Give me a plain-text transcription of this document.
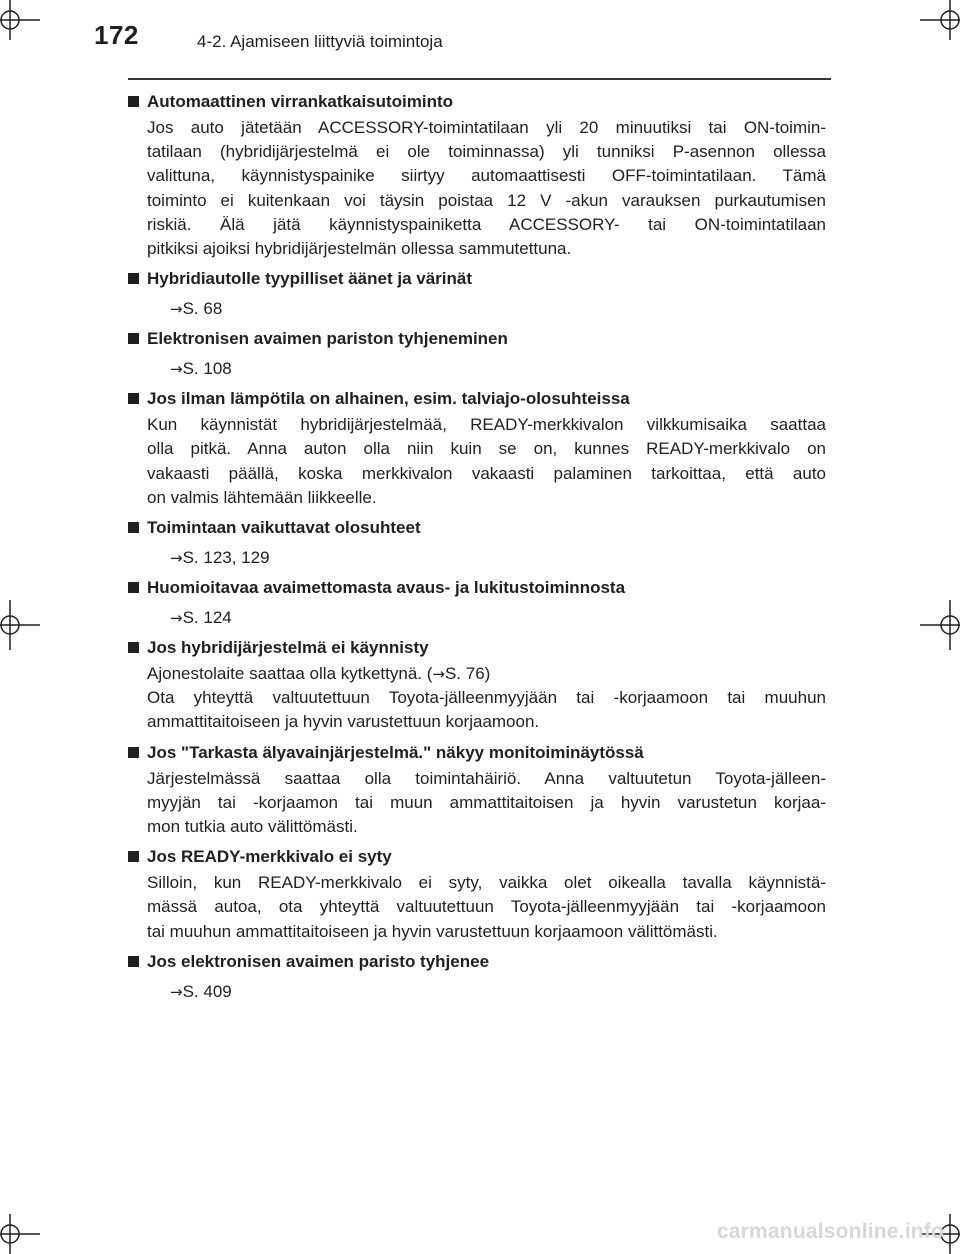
172	4-2. Ajamiseen liittyviä toimintoja
Automaattinen virrankatkaisutoiminto
Jos auto jätetään ACCESSORY-toimintatilaan yli 20 minuutiksi tai ON-toimin-
tatilaan (hybridijärjestelmä ei ole toiminnassa) yli tunniksi P-asennon ollessa
valittuna, käynnistyspainike siirtyy automaattisesti OFF-toimintatilaan. Tämä
toiminto ei kuitenkaan voi täysin poistaa 12 V -akun varauksen purkautumisen
riskiä. Älä jätä käynnistyspainiketta ACCESSORY- tai ON-toimintatilaan
pitkiksi ajoiksi hybridijärjestelmän ollessa sammutettuna.
Hybridiautolle tyypilliset äänet ja värinät
→S. 68
Elektronisen avaimen pariston tyhjeneminen
→S. 108
Jos ilman lämpötila on alhainen, esim. talviajo-olosuhteissa
Kun käynnistät hybridijärjestelmää, READY-merkkivalon vilkkumisaika saattaa
olla pitkä. Anna auton olla niin kuin se on, kunnes READY-merkkivalo on
vakaasti päällä, koska merkkivalon vakaasti palaminen tarkoittaa, että auto
on valmis lähtemään liikkeelle.
Toimintaan vaikuttavat olosuhteet
→S. 123, 129
Huomioitavaa avaimettomasta avaus- ja lukitustoiminnosta
→S. 124
Jos hybridijärjestelmä ei käynnisty
Ajonestolaite saattaa olla kytkettynä. (→S. 76)
Ota yhteyttä valtuutettuun Toyota-jälleenmyyjään tai -korjaamoon tai muuhun
ammattitaitoiseen ja hyvin varustettuun korjaamoon.
Jos "Tarkasta älyavainjärjestelmä." näkyy monitoiminäytössä
Järjestelmässä saattaa olla toimintahäiriö. Anna valtuutetun Toyota-jälleen-
myyjän tai -korjaamon tai muun ammattitaitoisen ja hyvin varustetun korjaa-
mon tutkia auto välittömästi.
Jos READY-merkkivalo ei syty
Silloin, kun READY-merkkivalo ei syty, vaikka olet oikealla tavalla käynnistä-
mässä autoa, ota yhteyttä valtuutettuun Toyota-jälleenmyyjään tai -korjaamoon
tai muuhun ammattitaitoiseen ja hyvin varustettuun korjaamoon välittömästi.
Jos elektronisen avaimen paristo tyhjenee
→S. 409
carmanualsonline.info
